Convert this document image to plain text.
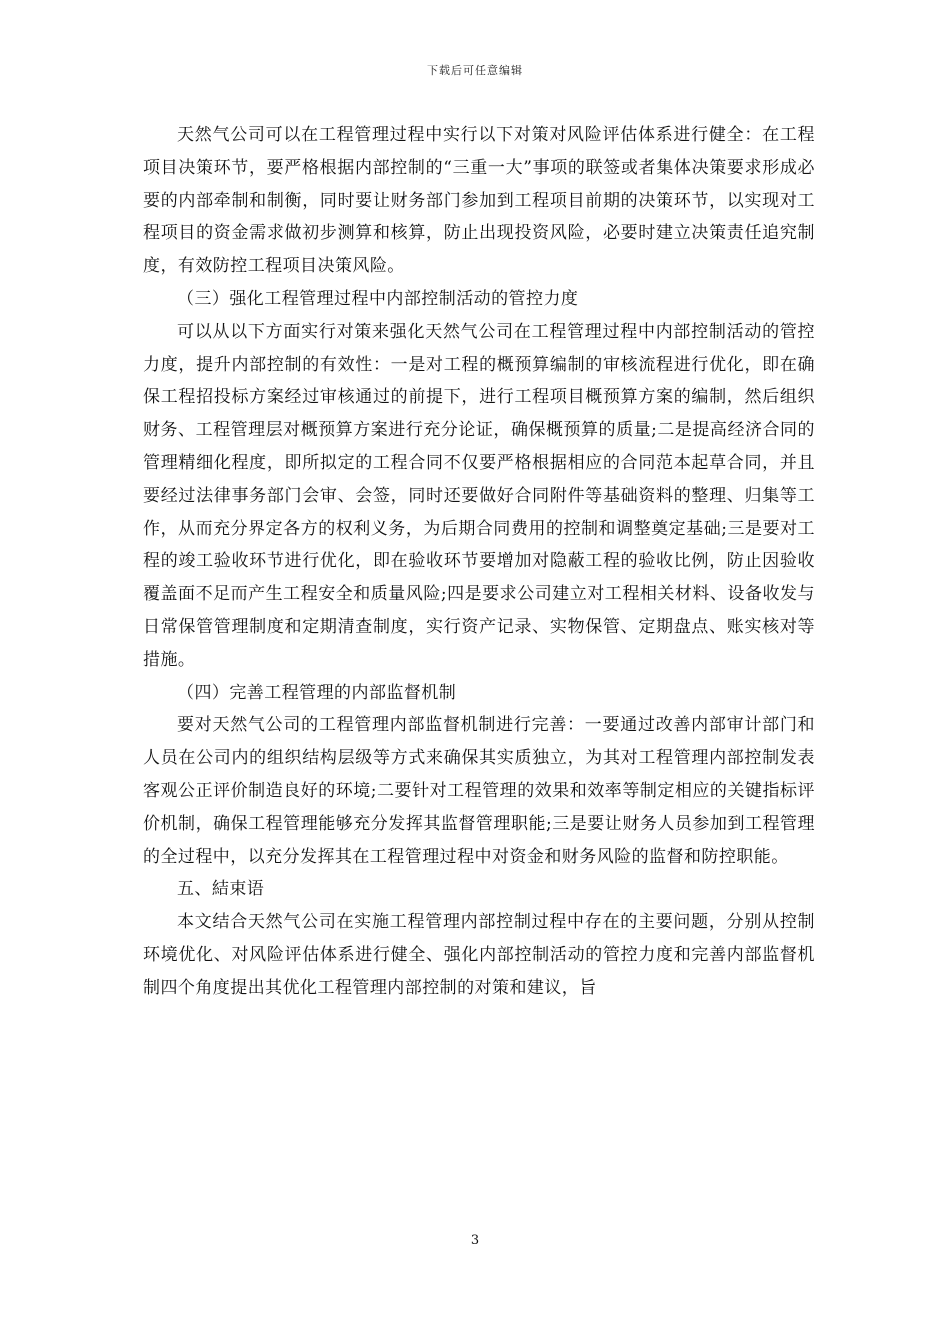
下载后可任意编辑

天然气公司可以在工程管理过程中实行以下对策对风险评估体系进行健全：在工程项目决策环节，要严格根据内部控制的“三重一大”事项的联签或者集体决策要求形成必要的内部牵制和制衡，同时要让财务部门参加到工程项目前期的决策环节，以实现对工程项目的资金需求做初步测算和核算，防止出现投资风险，必要时建立决策责任追究制度，有效防控工程项目决策风险。

（三）强化工程管理过程中内部控制活动的管控力度

可以从以下方面实行对策来强化天然气公司在工程管理过程中内部控制活动的管控力度，提升内部控制的有效性：一是对工程的概预算编制的审核流程进行优化，即在确保工程招投标方案经过审核通过的前提下，进行工程项目概预算方案的编制，然后组织财务、工程管理层对概预算方案进行充分论证，确保概预算的质量;二是提高经济合同的管理精细化程度，即所拟定的工程合同不仅要严格根据相应的合同范本起草合同，并且要经过法律事务部门会审、会签，同时还要做好合同附件等基础资料的整理、归集等工作，从而充分界定各方的权利义务，为后期合同费用的控制和调整奠定基础;三是要对工程的竣工验收环节进行优化，即在验收环节要增加对隐蔽工程的验收比例，防止因验收覆盖面不足而产生工程安全和质量风险;四是要求公司建立对工程相关材料、设备收发与日常保管管理制度和定期清查制度，实行资产记录、实物保管、定期盘点、账实核对等措施。

（四）完善工程管理的内部监督机制

要对天然气公司的工程管理内部监督机制进行完善：一要通过改善内部审计部门和人员在公司内的组织结构层级等方式来确保其实质独立，为其对工程管理内部控制发表客观公正评价制造良好的环境;二要针对工程管理的效果和效率等制定相应的关键指标评价机制，确保工程管理能够充分发挥其监督管理职能;三是要让财务人员参加到工程管理的全过程中，以充分发挥其在工程管理过程中对资金和财务风险的监督和防控职能。

五、結束语

本文结合天然气公司在实施工程管理内部控制过程中存在的主要问题，分别从控制环境优化、对风险评估体系进行健全、强化内部控制活动的管控力度和完善内部监督机制四个角度提出其优化工程管理内部控制的对策和建议，旨

3
